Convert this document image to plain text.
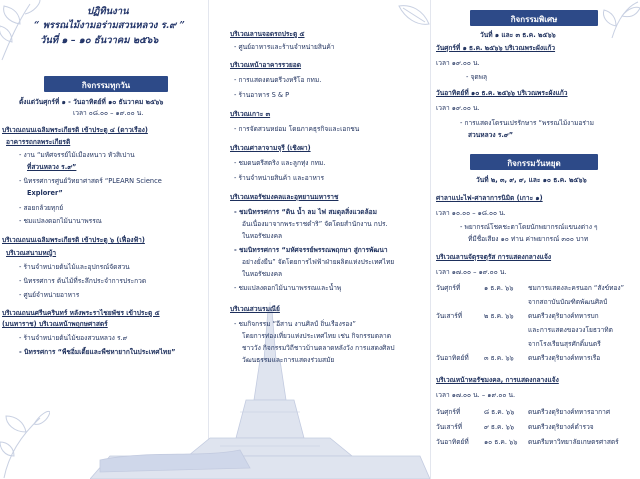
ปฏิทินงาน
“ พรรณไม้งามอร่ามสวนหลวง ร.๙ ”
วันที่ ๑ – ๑๐ ธันวาคม ๒๕๖๖
กิจกรรมทุกวัน
ตั้งแต่วันศุกร์ที่ ๑ - วันอาทิตย์ที่ ๑๐ ธันวาคม ๒๕๖๖
เวลา ๐๘.๐๐ – ๑๙.๐๐ น.
บริเวณถนนเฉลิมพระเกียรติ เข้าประตู ๔ (ดาวเรือง)
อาคารรถกลพระเกียรติ
- งาน “มหัศจรรย์ไม้เมืองหนาว หัวสิเปาน
ที่สวนหลวง ร.๙”
- นิทรรศการศูนย์วิทยาศาสตร์ “PLEARN Science
Explorer”
- สอยกล้วยทุกย์
- ชมแปลงดอกไม้นานาพรรณ
บริเวณถนนเฉลิมพระเกียรติ เข้าประตู ๖ (เฟื่องฟ้า)
บริเวณสนามหญ้า
- ร้านจำหน่ายต้นไม้และอุปกรณ์จัดสวน
- นิทรรศการ ต้นไม้ที่ระลึกประจำการประกวด
- ศูนย์จำหน่ายอาหาร
บริเวณถนนศรีนครินทร์ หลังพระราไชยพัชร เข้าประตู ๕
(มนทาราช) บริเวณหน้าพฤกษศาสตร์
- ร้านจำหน่ายต้นไม้ของสวนหลวง ร.๙
- นิทรรศการ “พืชอิ่มเตี้ยและพืชหายากในประเทศไทย”
บริเวณลานจอดรถประตู ๕
- ศูนย์อาหารและร้านจำหน่ายสินค้า
บริเวณหน้าอาคารรวยอด
- การแสดงดนตรีวงหรีโอ กทม.
- ร้านอาหาร S & P
บริเวณเกาะ ๓
- การจัดสวนหย่อม โดยภาคธุรกิจและเอกชน
บริเวณศาลาจามจุรี (เชิงผา)
- ชมดนตรีสตริง และลูกทุ่ง กทม.
- ร้านจำหน่ายสินค้า และอาหาร
บริเวณหอรัชมงคลและอุทยานมหาราช
- ชมนิทรรศการ “ดิน น้ำ ลม ไฟ สมดุลสิ่งแวดล้อม
อันเนื่องมาจากพระราชดำริ” จัดโดยสำนักงาน กปร.
ในหอรัชมงคล
- ชมนิทรรศการ “มหัศจรรย์พรรณพฤกษา สู่การพัฒนา
อย่างยั่งยืน” จัดโดยการไฟฟ้าฝ่ายผลิตแห่งประเทศไทย
ในหอรัชมงคล
- ชมแปลงดอกไม้นานาพรรณและน้ำพุ
บริเวณสวนรมณีย์
- ชมกิจกรรม “อีสาน งานศิลป์ ถิ่นเรืองรอง”
โดยการท่องเที่ยวแห่งประเทศไทย เช่น กิจกรรมตลาด
ชาววัง กิจกรรมวิถีชาวบ้านตลาดหลังวัง การแสดงศิลป
วัฒนธรรมและการแสดงร่วมสมัย
กิจกรรมพิเศษ
วันที่ ๑ และ ๓ ธ.ค. ๒๕๖๖
วันศุกร์ที่ ๑ ธ.ค. ๒๕๖๖ บริเวณพระผังแก้ว
เวลา ๑๙.๐๐ น.
- จุดพลุ
วันอาทิตย์ที่ ๑๐ ธ.ค. ๒๕๖๖ บริเวณพระผังแก้ว
เวลา ๑๙.๐๐ น.
- การแสดงโดรนเปรรักษาร “พรรณไม้งามอร่าม
สวนหลวง ร.๙”
กิจกรรมวันหยุด
วันที่ ๒, ๓, ๙, ๙, และ ๑๐ ธ.ค. ๒๕๖๖
ศาลาแปะไฟ-ศาลาการนิมิต (เกาะ ๑)
เวลา ๑๐.๐๐ – ๑๘.๐๐ น.
- พยากรณ์โชคชะตาโดยนักพยากรณ์แขนงต่าง ๆ
ที่มีชื่อเสียง ๑๐ ท่าน ค่าพยากรณ์ ๓๐๐ บาท
บริเวณลานจัตุรจตุรัส การแสดงกลางแจ้ง
เวลา ๑๗.๐๐ – ๑๙.๐๐ น.
วันศุกร์ที่	๑ ธ.ค. ๖๖ ชมการแสดงละครนอก “สังข์ทอง”
จากสถาบันบัณฑิตพัฒนศิลป์
วันเสาร์ที่	๒ ธ.ค. ๖๖ ดนตรีวงดุริยางค์ทหารบก
และการแสดงของวงโยธวาทิต
จากโรงเรียนสุรศักดิ์มนตรี
วันอาทิตย์ที่ ๓ ธ.ค. ๖๖ ดนตรีวงดุริยางค์ทหารเรือ
บริเวณหน้าหอรัชมงคล, การแสดงกลางแจ้ง
เวลา ๑๗.๐๐ น. – ๑๙.๐๐ น.
วันศุกร์ที่	๘ ธ.ค. ๖๖ ดนตรีวงดุริยางค์ทหารอากาศ
วันเสาร์ที่	๙ ธ.ค. ๖๖ ดนตรีวงดุริยางค์ตำรวจ
วันอาทิตย์ที่ ๑๐ ธ.ค. ๖๖ ดนตรีมหาวิทยาลัยเกษตรศาสตร์
